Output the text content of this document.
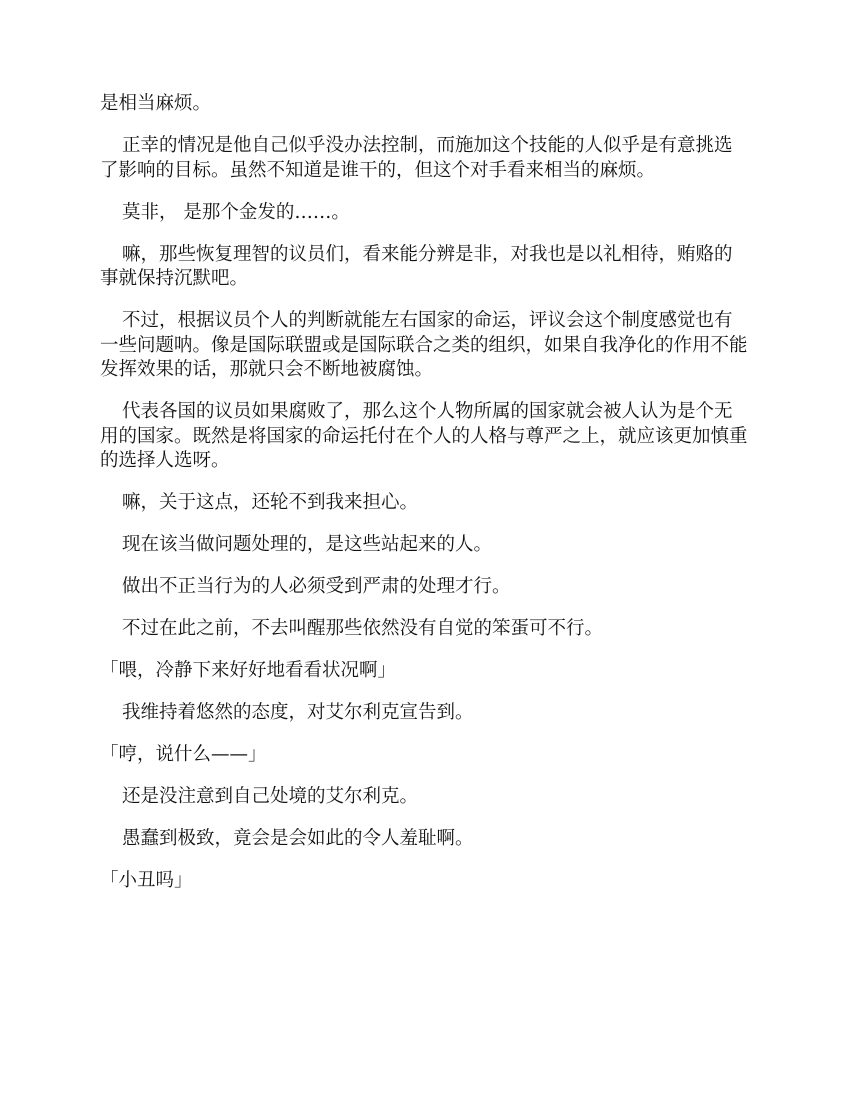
是相当麻烦。

正幸的情况是他自己似乎没办法控制，而施加这个技能的人似乎是有意挑选了影响的目标。虽然不知道是谁干的，但这个对手看来相当的麻烦。

莫非， 是那个金发的……。

嘛，那些恢复理智的议员们，看来能分辨是非，对我也是以礼相待，贿赂的事就保持沉默吧。

不过，根据议员个人的判断就能左右国家的命运，评议会这个制度感觉也有一些问题呐。像是国际联盟或是国际联合之类的组织，如果自我净化的作用不能发挥效果的话，那就只会不断地被腐蚀。

代表各国的议员如果腐败了，那么这个人物所属的国家就会被人认为是个无用的国家。既然是将国家的命运托付在个人的人格与尊严之上，就应该更加慎重的选择人选呀。

嘛，关于这点，还轮不到我来担心。

现在该当做问题处理的，是这些站起来的人。

做出不正当行为的人必须受到严肃的处理才行。

不过在此之前，不去叫醒那些依然没有自觉的笨蛋可不行。

「喂，冷静下来好好地看看状况啊」

我维持着悠然的态度，对艾尔利克宣告到。

「哼，说什么——」

还是没注意到自己处境的艾尔利克。

愚蠢到极致，竟会是会如此的令人羞耻啊。

「小丑吗」
